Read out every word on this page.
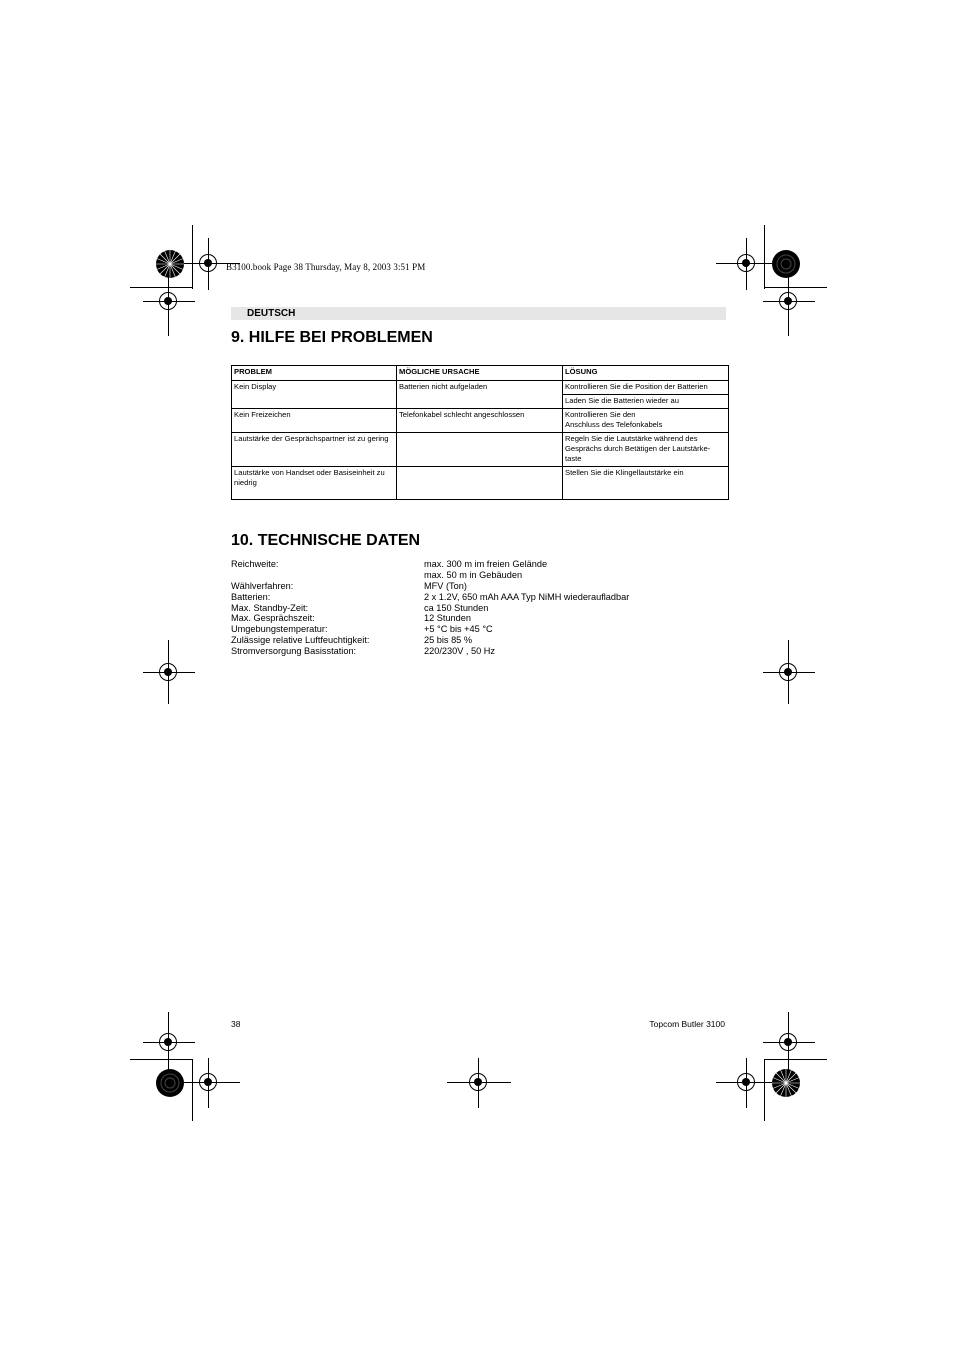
B3100.book Page 38 Thursday, May 8, 2003 3:51 PM
DEUTSCH
9. HILFE BEI PROBLEMEN
PROBLEM	MÖGLICHE URSACHE	LÖSUNG
Kein Display	Batterien nicht aufgeladen	Kontrollieren Sie die Position der Batterien
		Laden Sie die Batterien wieder au
Kein Freizeichen	Telefonkabel schlecht angeschlossen	Kontrollieren Sie den
Anschluss des Telefonkabels
Lautstärke der Gesprächspartner ist zu gering		Regeln Sie die Lautstärke während des Gesprächs durch Betätigen der Lautstärke-
taste
Lautstärke von Handset oder Basiseinheit zu niedrig		Stellen Sie die Klingellautstärke ein
10. TECHNISCHE DATEN
Reichweite:	max. 300 m im freien Gelände
max. 50 m in Gebäuden
Wählverfahren:	MFV (Ton)
Batterien:	2 x 1.2V, 650 mAh AAA Typ NiMH wiederaufladbar
Max. Standby-Zeit:	ca 150 Stunden
Max. Gesprächszeit:	12 Stunden
Umgebungstemperatur:	+5 °C bis +45 °C
Zulässige relative Luftfeuchtigkeit:	25 bis 85 %
Stromversorgung Basisstation:	220/230V , 50 Hz
38	Topcom Butler 3100
